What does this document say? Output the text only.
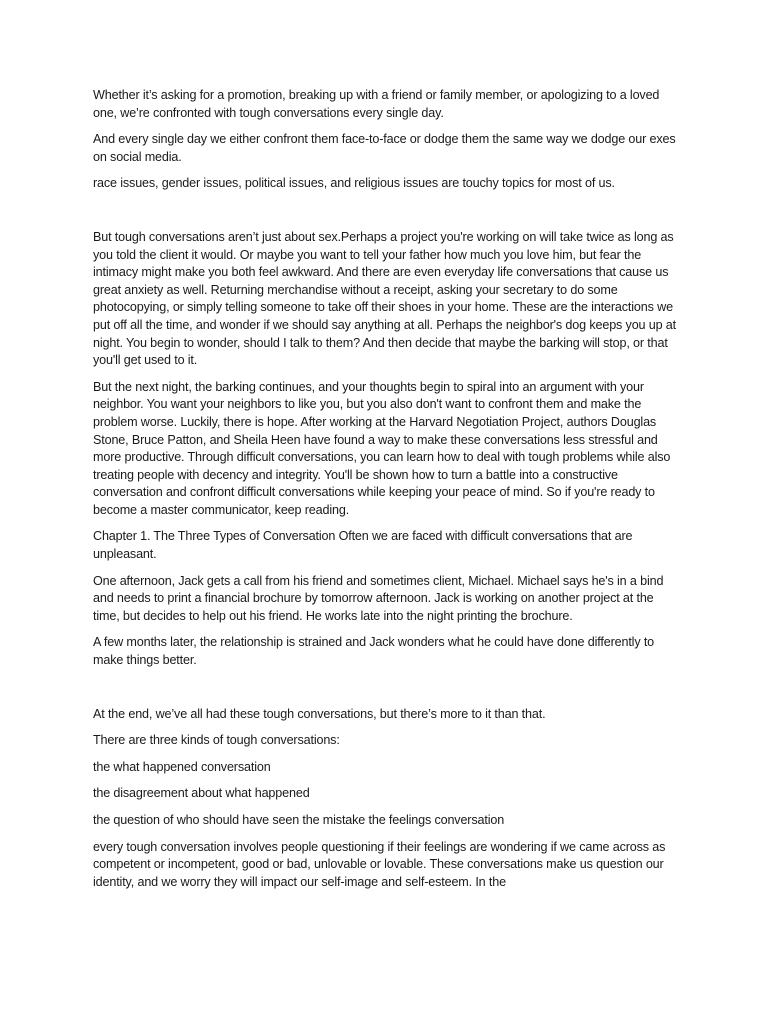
Whether it’s asking for a promotion, breaking up with a friend or family member, or apologizing to a loved one, we’re confronted with tough conversations every single day.

And every single day we either confront them face-to-face or dodge them the same way we dodge our exes on social media.

race issues, gender issues, political issues, and religious issues are touchy topics for most of us.

But tough conversations aren’t just about sex.Perhaps a project you're working on will take twice as long as you told the client it would. Or maybe you want to tell your father how much you love him, but fear the intimacy might make you both feel awkward. And there are even everyday life conversations that cause us great anxiety as well. Returning merchandise without a receipt, asking your secretary to do some photocopying, or simply telling someone to take off their shoes in your home. These are the interactions we put off all the time, and wonder if we should say anything at all. Perhaps the neighbor's dog keeps you up at night. You begin to wonder, should I talk to them? And then decide that maybe the barking will stop, or that you'll get used to it.

But the next night, the barking continues, and your thoughts begin to spiral into an argument with your neighbor. You want your neighbors to like you, but you also don't want to confront them and make the problem worse. Luckily, there is hope. After working at the Harvard Negotiation Project, authors Douglas Stone, Bruce Patton, and Sheila Heen have found a way to make these conversations less stressful and more productive. Through difficult conversations, you can learn how to deal with tough problems while also treating people with decency and integrity. You'll be shown how to turn a battle into a constructive conversation and confront difficult conversations while keeping your peace of mind. So if you're ready to become a master communicator, keep reading.

Chapter 1. The Three Types of Conversation Often we are faced with difficult conversations that are unpleasant.

One afternoon, Jack gets a call from his friend and sometimes client, Michael. Michael says he's in a bind and needs to print a financial brochure by tomorrow afternoon. Jack is working on another project at the time, but decides to help out his friend. He works late into the night printing the brochure.

A few months later, the relationship is strained and Jack wonders what he could have done differently to make things better.

At the end, we’ve all had these tough conversations, but there’s more to it than that.

There are three kinds of tough conversations:

the what happened conversation

the disagreement about what happened

the question of who should have seen the mistake the feelings conversation

every tough conversation involves people questioning if their feelings are wondering if we came across as competent or incompetent, good or bad, unlovable or lovable. These conversations make us question our identity, and we worry they will impact our self-image and self-esteem. In the
